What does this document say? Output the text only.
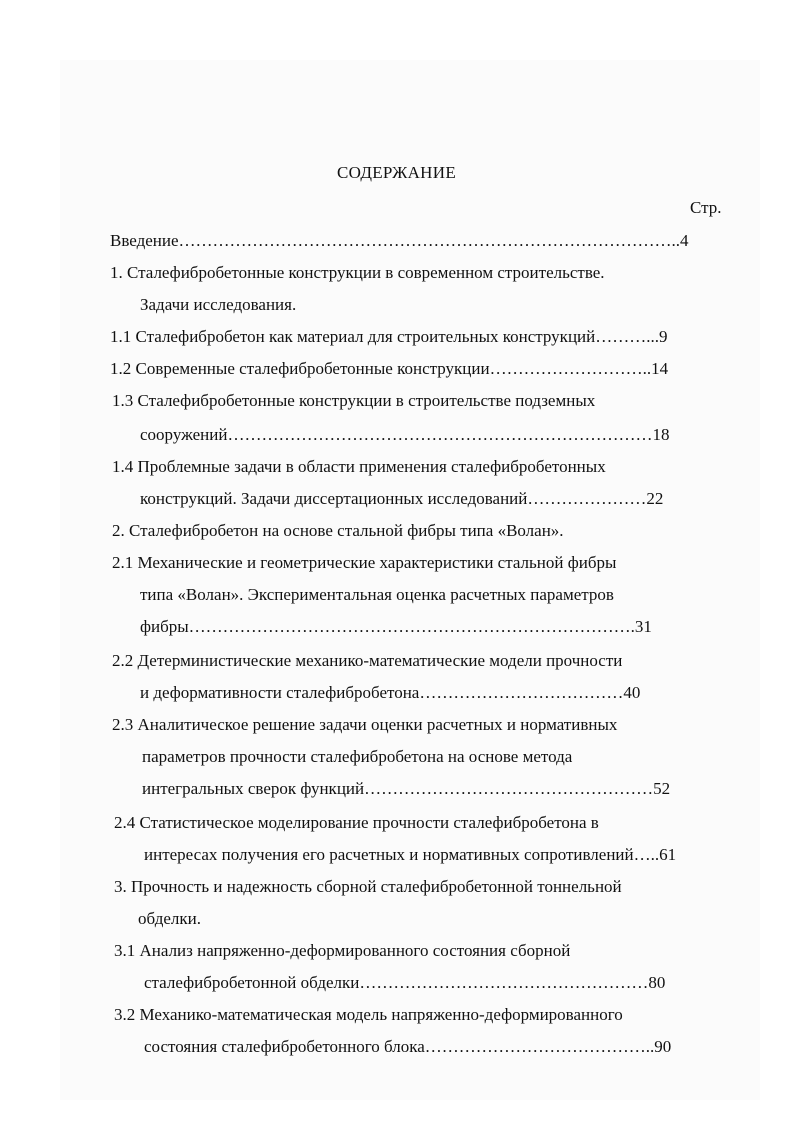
СОДЕРЖАНИЕ
Стр.
Введение……………………………………………………………………………..4
1. Сталефибробетонные конструкции в современном строительстве.
Задачи исследования.
1.1 Сталефибробетон как материал для строительных конструкций………...9
1.2 Современные сталефибробетонные конструкции………………………..14
1.3 Сталефибробетонные конструкции в строительстве подземных
сооружений…………………………………………………………………18
1.4 Проблемные задачи в области применения сталефибробетонных
конструкций. Задачи диссертационных исследований…………………22
2. Сталефибробетон на основе стальной фибры типа «Волан».
2.1 Механические и геометрические характеристики стальной фибры
типа «Волан». Экспериментальная оценка расчетных параметров
фибры…………………………………………………………………….31
2.2 Детерминистические механико-математические модели прочности
и деформативности сталефибробетона………………………………40
2.3 Аналитическое решение задачи оценки расчетных и нормативных
параметров прочности сталефибробетона на основе метода
интегральных сверок функций……………………………………………52
2.4 Статистическое моделирование прочности сталефибробетона в
интересах получения его расчетных и нормативных сопротивлений…..61
3. Прочность и надежность сборной сталефибробетонной тоннельной
обделки.
3.1 Анализ напряженно-деформированного состояния сборной
сталефибробетонной обделки……………………………………………80
3.2 Механико-математическая модель напряженно-деформированного
состояния сталефибробетонного блока…………………………………..90
